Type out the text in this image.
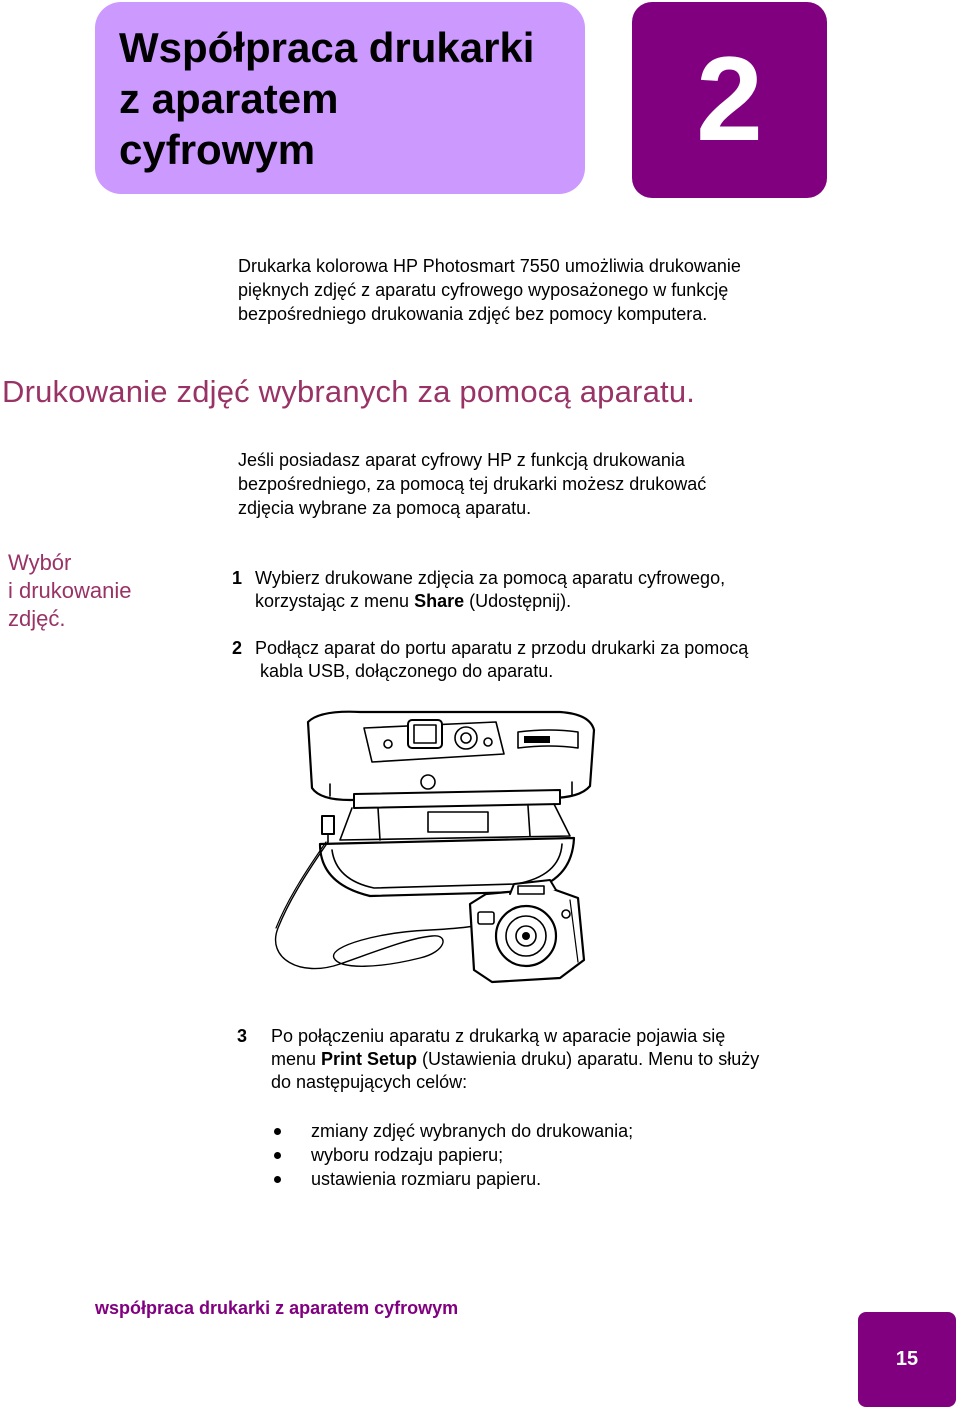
Współpraca drukarki
z aparatem
cyfrowym	2

Drukarka kolorowa HP Photosmart 7550 umożliwia drukowanie
pięknych zdjęć z aparatu cyfrowego wyposażonego w funkcję
bezpośredniego drukowania zdjęć bez pomocy komputera.

Drukowanie zdjęć wybranych za pomocą aparatu.

Jeśli posiadasz aparat cyfrowy HP z funkcją drukowania
bezpośredniego, za pomocą tej drukarki możesz drukować
zdjęcia wybrane za pomocą aparatu.

Wybór
i drukowanie
zdjęć.
1 Wybierz drukowane zdjęcia za pomocą aparatu cyfrowego,
korzystając z menu Share (Udostępnij).
2 Podłącz aparat do portu aparatu z przodu drukarki za pomocą
kabla USB, dołączonego do aparatu.
3 Po połączeniu aparatu z drukarką w aparacie pojawia się
menu Print Setup (Ustawienia druku) aparatu. Menu to służy
do następujących celów:
zmiany zdjęć wybranych do drukowania;
wyboru rodzaju papieru;
ustawienia rozmiaru papieru.

współpraca drukarki z aparatem cyfrowym

15
